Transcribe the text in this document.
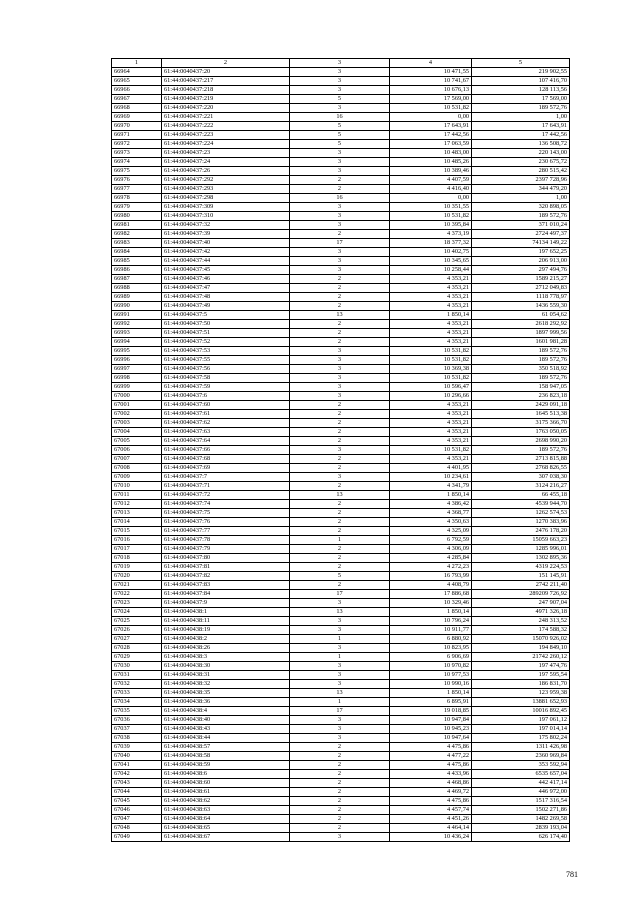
1	2	3	4	5
66964	61:44:0040437:20	3	10 471,55	219 902,55
66965	61:44:0040437:217	3	10 741,67	107 416,70
66966	61:44:0040437:218	3	10 676,13	128 113,56
66967	61:44:0040437:219	5	17 569,00	17 569,00
66968	61:44:0040437:220	3	10 531,82	189 572,76
66969	61:44:0040437:221	16	0,00	1,00
66970	61:44:0040437:222	5	17 643,91	17 643,91
66971	61:44:0040437:223	5	17 442,56	17 442,56
66972	61:44:0040437:224	5	17 063,59	136 508,72
66973	61:44:0040437:23	3	10 483,00	220 143,00
66974	61:44:0040437:24	3	10 485,26	230 675,72
66975	61:44:0040437:26	3	10 389,46	280 515,42
66976	61:44:0040437:292	2	4 407,59	2397 728,96
66977	61:44:0040437:293	2	4 416,40	344 479,20
66978	61:44:0040437:298	16	0,00	1,00
66979	61:44:0040437:309	3	10 351,55	320 898,05
66980	61:44:0040437:310	3	10 531,82	189 572,76
66981	61:44:0040437:32	3	10 395,84	371 010,24
66982	61:44:0040437:39	2	4 373,19	2724 497,37
66983	61:44:0040437:40	17	18 377,32	74134 149,22
66984	61:44:0040437:42	3	10 402,75	197 652,25
66985	61:44:0040437:44	3	10 345,65	206 913,00
66986	61:44:0040437:45	3	10 258,44	297 494,76
66987	61:44:0040437:46	2	4 353,21	1589 215,27
66988	61:44:0040437:47	2	4 353,21	2712 049,83
66989	61:44:0040437:48	2	4 353,21	1118 778,97
66990	61:44:0040437:49	2	4 353,21	1436 559,30
66991	61:44:0040437:5	13	1 850,14	61 054,62
66992	61:44:0040437:50	2	4 353,21	2618 292,92
66993	61:44:0040437:51	2	4 353,21	1897 999,56
66994	61:44:0040437:52	2	4 353,21	1601 981,28
66995	61:44:0040437:53	3	10 531,82	189 572,76
66996	61:44:0040437:55	3	10 531,82	189 572,76
66997	61:44:0040437:56	3	10 369,38	350 518,92
66998	61:44:0040437:58	3	10 531,82	189 572,76
66999	61:44:0040437:59	3	10 596,47	158 947,05
67000	61:44:0040437:6	3	10 296,66	236 823,18
67001	61:44:0040437:60	2	4 353,21	2429 091,18
67002	61:44:0040437:61	2	4 353,21	1645 513,38
67003	61:44:0040437:62	2	4 353,21	3175 366,70
67004	61:44:0040437:63	2	4 353,21	1763 050,05
67005	61:44:0040437:64	2	4 353,21	2698 990,20
67006	61:44:0040437:66	3	10 531,82	189 572,76
67007	61:44:0040437:68	2	4 353,21	2713 815,88
67008	61:44:0040437:69	2	4 401,95	2768 826,55
67009	61:44:0040437:7	3	10 234,61	307 038,30
67010	61:44:0040437:71	2	4 341,79	3124 216,27
67011	61:44:0040437:72	13	1 850,14	66 455,18
67012	61:44:0040437:74	2	4 386,42	4539 944,70
67013	61:44:0040437:75	2	4 368,77	1262 574,53
67014	61:44:0040437:76	2	4 350,63	1270 383,96
67015	61:44:0040437:77	2	4 325,09	2476 178,20
67016	61:44:0040437:78	1	6 792,59	15059 663,23
67017	61:44:0040437:79	2	4 306,09	1285 996,01
67018	61:44:0040437:80	2	4 285,84	1302 895,36
67019	61:44:0040437:81	2	4 272,23	4319 224,53
67020	61:44:0040437:82	5	16 793,99	151 145,91
67021	61:44:0040437:83	2	4 408,79	2742 211,40
67022	61:44:0040437:84	17	17 886,68	289209 726,92
67023	61:44:0040437:9	3	10 329,46	247 907,04
67024	61:44:0040438:1	13	1 850,14	4971 326,18
67025	61:44:0040438:11	3	10 796,24	248 313,52
67026	61:44:0040438:19	3	10 911,77	174 588,32
67027	61:44:0040438:2	1	6 880,92	15070 926,02
67028	61:44:0040438:26	3	10 823,95	194 849,10
67029	61:44:0040438:3	1	6 906,69	21742 260,12
67030	61:44:0040438:30	3	10 970,82	197 474,76
67031	61:44:0040438:31	3	10 977,53	197 595,54
67032	61:44:0040438:32	3	10 990,16	186 831,70
67033	61:44:0040438:35	13	1 850,14	123 959,38
67034	61:44:0040438:36	1	6 895,91	13881 652,93
67035	61:44:0040438:4	17	19 018,85	10016 892,45
67036	61:44:0040438:40	3	10 947,84	197 061,12
67037	61:44:0040438:43	3	10 945,23	197 014,14
67038	61:44:0040438:44	3	10 947,64	175 802,24
67039	61:44:0040438:57	2	4 475,86	1311 426,98
67040	61:44:0040438:58	2	4 477,22	2360 969,84
67041	61:44:0040438:59	2	4 475,86	353 592,94
67042	61:44:0040438:6	2	4 433,96	6535 657,04
67043	61:44:0040438:60	2	4 468,86	442 417,14
67044	61:44:0040438:61	2	4 469,72	446 972,00
67045	61:44:0040438:62	2	4 475,86	1517 316,54
67046	61:44:0040438:63	2	4 457,74	1502 271,86
67047	61:44:0040438:64	2	4 451,26	1482 269,58
67048	61:44:0040438:65	2	4 464,14	2839 193,04
67049	61:44:0040438:67	3	10 436,24	626 174,40
781
